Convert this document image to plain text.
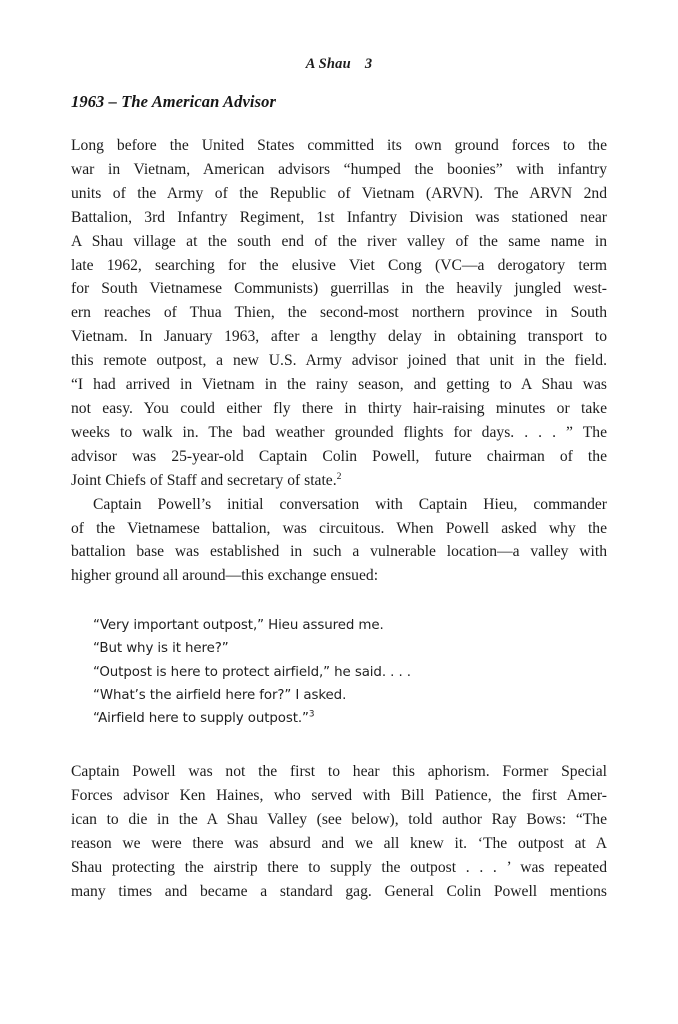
A Shau 3
1963 – The American Advisor

Long before the United States committed its own ground forces to the
war in Vietnam, American advisors “humped the boonies” with infantry
units of the Army of the Republic of Vietnam (ARVN). The ARVN 2nd
Battalion, 3rd Infantry Regiment, 1st Infantry Division was stationed near
A Shau village at the south end of the river valley of the same name in
late 1962, searching for the elusive Viet Cong (VC—a derogatory term
for South Vietnamese Communists) guerrillas in the heavily jungled west-
ern reaches of Thua Thien, the second-most northern province in South
Vietnam. In January 1963, after a lengthy delay in obtaining transport to
this remote outpost, a new U.S. Army advisor joined that unit in the field.
“I had arrived in Vietnam in the rainy season, and getting to A Shau was
not easy. You could either fly there in thirty hair-raising minutes or take
weeks to walk in. The bad weather grounded flights for days. . . . ” The
advisor was 25-year-old Captain Colin Powell, future chairman of the
Joint Chiefs of Staff and secretary of state.$^2$

Captain Powell’s initial conversation with Captain Hieu, commander
of the Vietnamese battalion, was circuitous. When Powell asked why the
battalion base was established in such a vulnerable location—a valley with
higher ground all around—this exchange ensued:

“Very important outpost,” Hieu assured me.
“But why is it here?”
“Outpost is here to protect airfield,” he said. . . .
“What’s the airfield here for?” I asked.
“Airfield here to supply outpost.”$^3$

Captain Powell was not the first to hear this aphorism. Former Special
Forces advisor Ken Haines, who served with Bill Patience, the first Amer-
ican to die in the A Shau Valley (see below), told author Ray Bows: “The
reason we were there was absurd and we all knew it. ‘The outpost at A
Shau protecting the airstrip there to supply the outpost . . . ’ was repeated
many times and became a standard gag. General Colin Powell mentions
